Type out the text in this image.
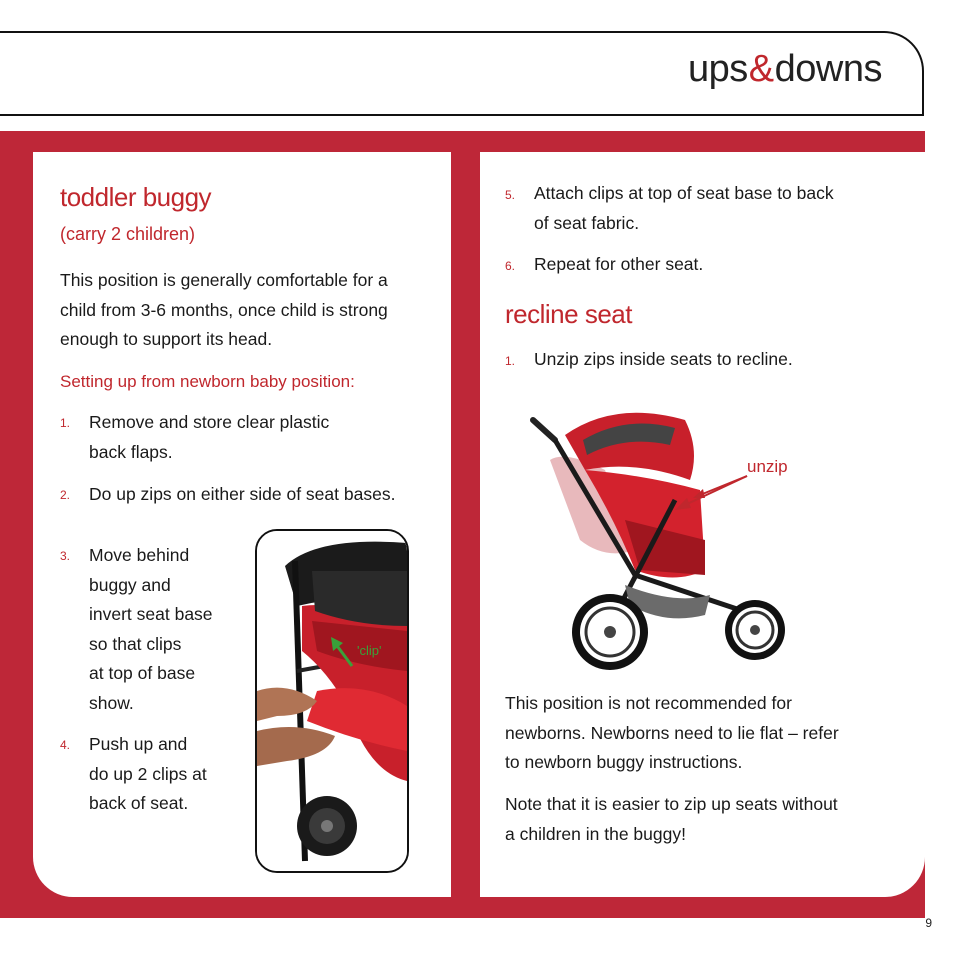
ups&downs
toddler buggy
(carry 2 children)
This position is generally comfortable for a
child from 3-6 months, once child is strong
enough to support its head.
Setting up from newborn baby position:
1. Remove and store clear plastic
back flaps.
2. Do up zips on either side of seat bases.
3. Move behind
buggy and
invert seat base
so that clips
at top of base
show.
4. Push up and
do up 2 clips at
back of seat.
'clip'
5. Attach clips at top of seat base to back
of seat fabric.
6. Repeat for other seat.
recline seat
1. Unzip zips inside seats to recline.
unzip
This position is not recommended for
newborns. Newborns need to lie flat – refer
to newborn buggy instructions.
Note that it is easier to zip up seats without
a children in the buggy!
9
